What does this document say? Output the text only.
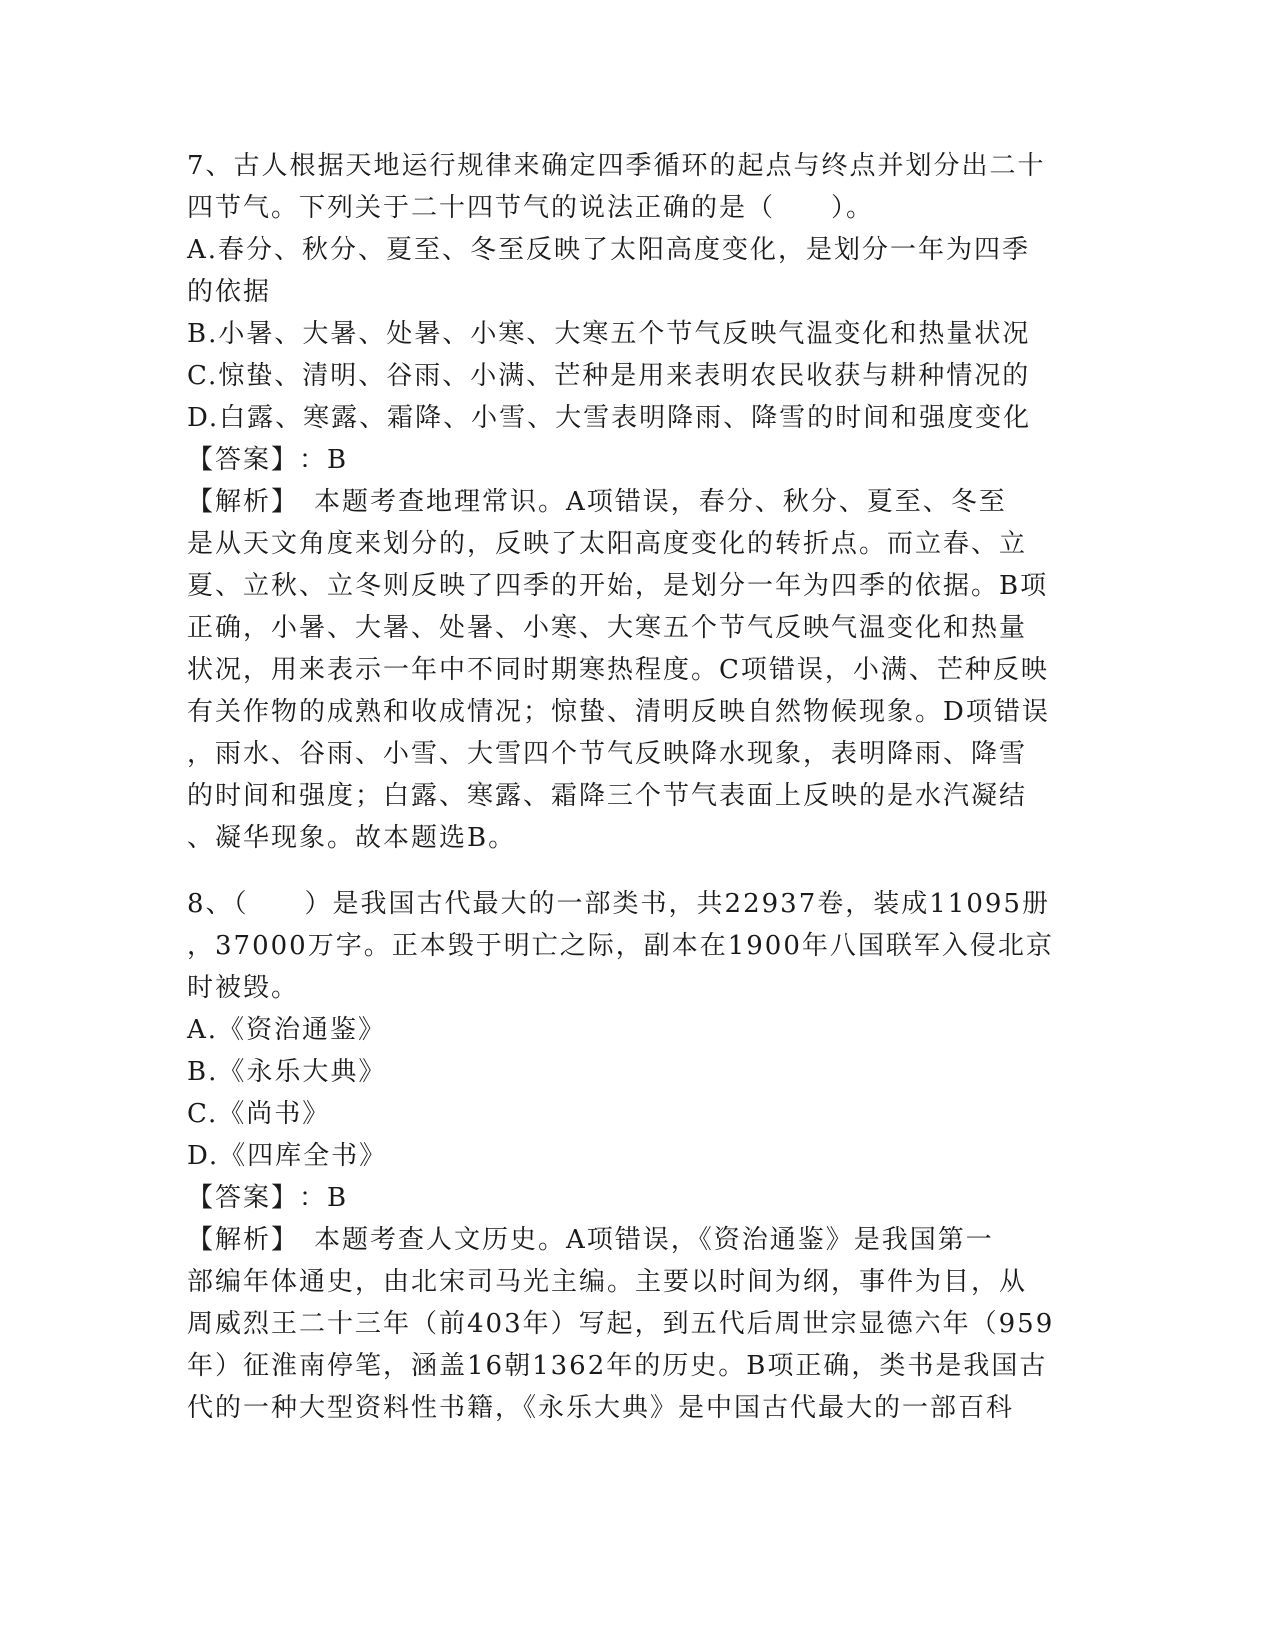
7、古人根据天地运行规律来确定四季循环的起点与终点并划分出二十
四节气。下列关于二十四节气的说法正确的是（　　）。
A.春分、秋分、夏至、冬至反映了太阳高度变化，是划分一年为四季
的依据
B.小暑、大暑、处暑、小寒、大寒五个节气反映气温变化和热量状况
C.惊蛰、清明、谷雨、小满、芒种是用来表明农民收获与耕种情况的
D.白露、寒露、霜降、小雪、大雪表明降雨、降雪的时间和强度变化
【答案】：B
【解析】　本题考查地理常识。A项错误，春分、秋分、夏至、冬至
是从天文角度来划分的，反映了太阳高度变化的转折点。而立春、立
夏、立秋、立冬则反映了四季的开始，是划分一年为四季的依据。B项
正确，小暑、大暑、处暑、小寒、大寒五个节气反映气温变化和热量
状况，用来表示一年中不同时期寒热程度。C项错误，小满、芒种反映
有关作物的成熟和收成情况；惊蛰、清明反映自然物候现象。D项错误
，雨水、谷雨、小雪、大雪四个节气反映降水现象，表明降雨、降雪
的时间和强度；白露、寒露、霜降三个节气表面上反映的是水汽凝结
、凝华现象。故本题选B。
8、（　　）是我国古代最大的一部类书，共22937卷，装成11095册
，37000万字。正本毁于明亡之际，副本在1900年八国联军入侵北京
时被毁。
A.《资治通鉴》
B.《永乐大典》
C.《尚书》
D.《四库全书》
【答案】：B
【解析】　本题考查人文历史。A项错误，《资治通鉴》是我国第一
部编年体通史，由北宋司马光主编。主要以时间为纲，事件为目，从
周威烈王二十三年（前403年）写起，到五代后周世宗显德六年（959
年）征淮南停笔，涵盖16朝1362年的历史。B项正确，类书是我国古
代的一种大型资料性书籍，《永乐大典》是中国古代最大的一部百科
